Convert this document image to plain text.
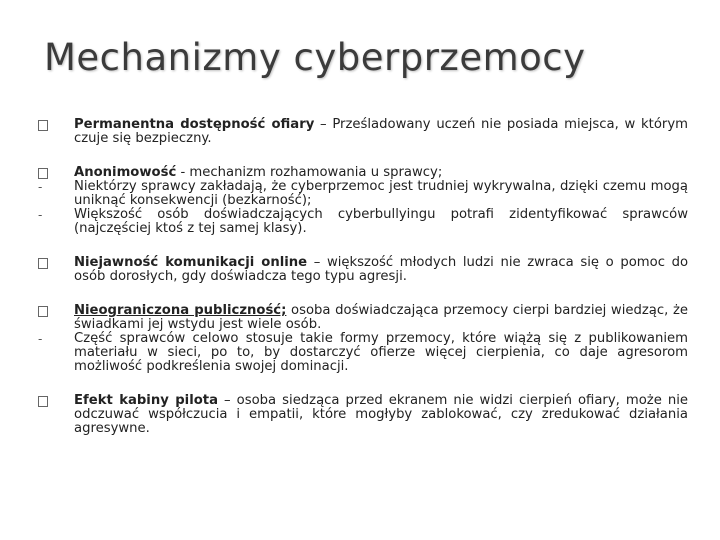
Mechanizmy cyberprzemocy
Permanentna dostępność ofiary – Prześladowany uczeń nie posiada miejsca, w którym czuje się bezpieczny.
Anonimowość - mechanizm rozhamowania u sprawcy;
-	Niektórzy sprawcy zakładają, że cyberprzemoc jest trudniej wykrywalna, dzięki czemu mogą uniknąć konsekwencji (bezkarność);
-	Większość osób doświadczających cyberbullyingu potrafi zidentyfikować sprawców (najczęściej ktoś z tej samej klasy).
Niejawność komunikacji online – większość młodych ludzi nie zwraca się o pomoc do osób dorosłych, gdy doświadcza tego typu agresji.
Nieograniczona publiczność; osoba doświadczająca przemocy cierpi bardziej wiedząc, że świadkami jej wstydu jest wiele osób.
-	Część sprawców celowo stosuje takie formy przemocy, które wiążą się z publikowaniem materiału w sieci, po to, by dostarczyć ofierze więcej cierpienia, co daje agresorom możliwość podkreślenia swojej dominacji.
Efekt kabiny pilota – osoba siedząca przed ekranem nie widzi cierpień ofiary, może nie odczuwać współczucia i empatii, które mogłyby zablokować, czy zredukować działania agresywne.
